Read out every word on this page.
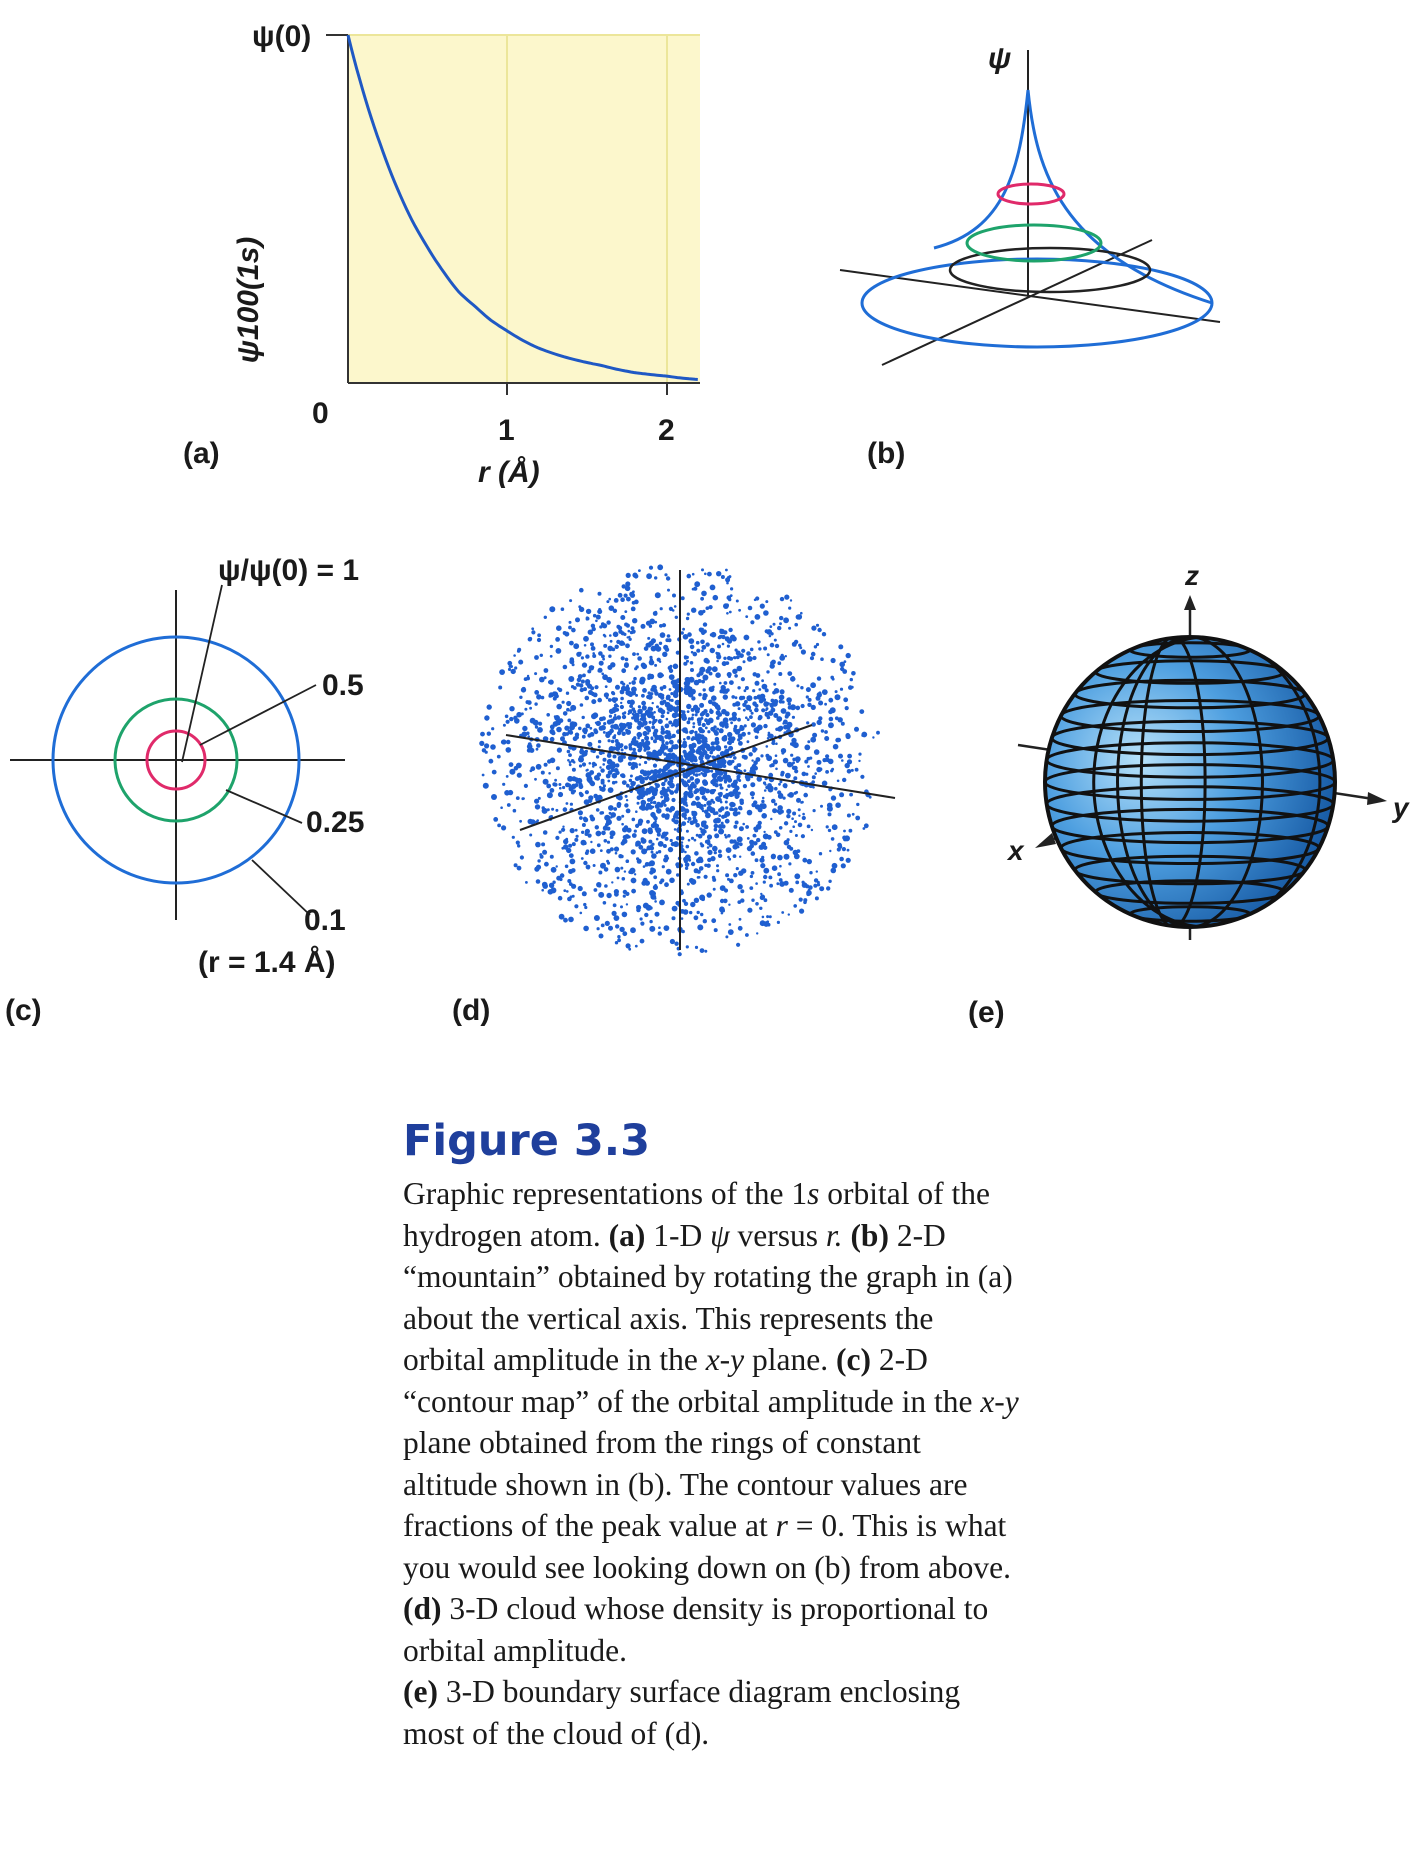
ψ(0)
0
1	2
r (Å)
ψ100(1s)
(a)
ψ
(b)
ψ/ψ(0) = 1
0.5
0.25
0.1
(r = 1.4 Å)
(c)	(d)
z
x
y
(e)

Figure 3.3

Graphic representations of the 1s orbital of the hydrogen atom. (a) 1-D ψ versus r. (b) 2-D “mountain” obtained by rotating the graph in (a) about the vertical axis. This represents the orbital amplitude in the x-y plane. (c) 2-D “contour map” of the orbital amplitude in the x-y plane obtained from the rings of constant altitude shown in (b). The contour values are fractions of the peak value at r = 0. This is what you would see looking down on (b) from above.
(d) 3-D cloud whose density is proportional to orbital amplitude.
(e) 3-D boundary surface diagram enclosing most of the cloud of (d).
